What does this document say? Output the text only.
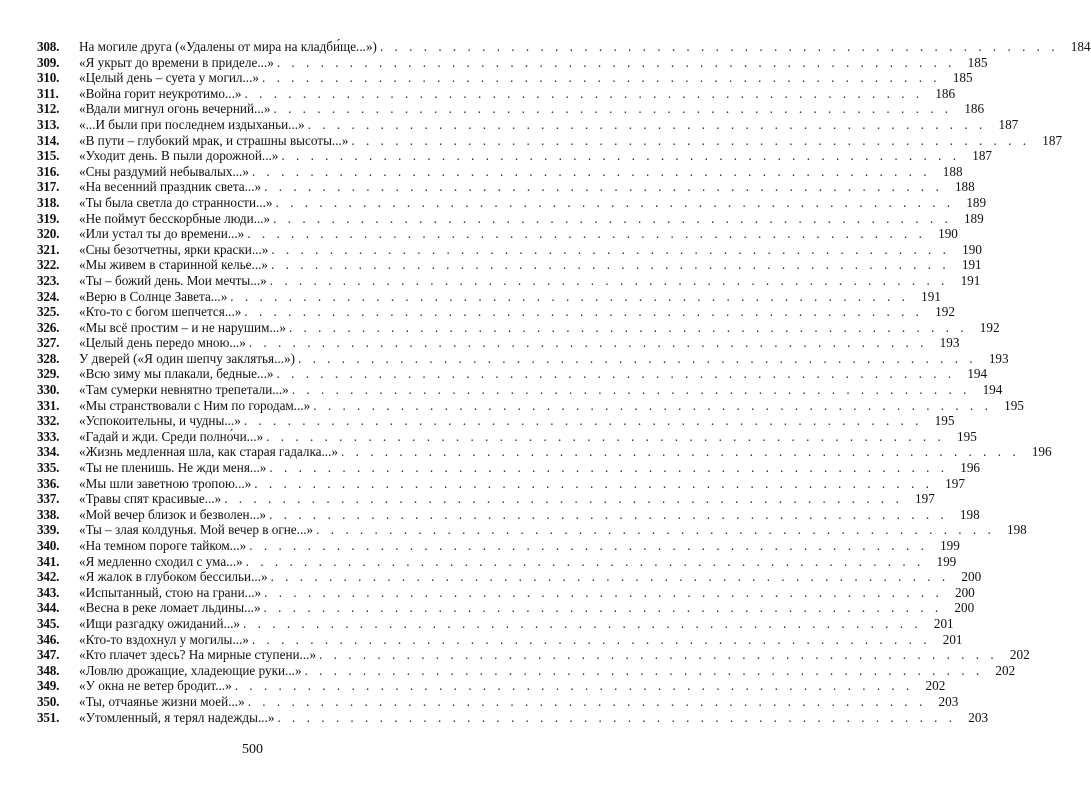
308.	На могиле друга («Удалены от мира на кладби́ще...») . . .	184
309.	«Я укрыт до времени в приделе...» . . .	185
310.	«Целый день – суета у могил...» . . .	185
311.	«Война горит неукротимо...» . . .	186
312.	«Вдали мигнул огонь вечерний...» . . .	186
313.	«...И были при последнем издыханьи...» . . .	187
314.	«В пути – глубокий мрак, и страшны высоты...» . . .	187
315.	«Уходит день. В пыли дорожной...» . . .	187
316.	«Сны раздумий небывалых...» . . .	188
317.	«На весенний праздник света...» . . .	188
318.	«Ты была светла до странности...» . . .	189
319.	«Не поймут бесскорбные люди...» . . .	189
320.	«Или устал ты до времени...» . . .	190
321.	«Сны безотчетны, ярки краски...» . . .	190
322.	«Мы живем в старинной келье...» . . .	191
323.	«Ты – божий день. Мои мечты...» . . .	191
324.	«Верю в Солнце Завета...» . . .	191
325.	«Кто-то с богом шепчется...» . . .	192
326.	«Мы всё простим – и не нарушим...» . . .	192
327.	«Целый день передо мною...» . . .	193
328.	У дверей («Я один шепчу заклятья...») . . .	193
329.	«Всю зиму мы плакали, бедные...» . . .	194
330.	«Там сумерки невнятно трепетали...» . . .	194
331.	«Мы странствовали с Ним по городам...» . . .	195
332.	«Успокоительны, и чудны...» . . .	195
333.	«Гадай и жди. Среди полно́чи...» . . .	195
334.	«Жизнь медленная шла, как старая гадалка...» . . .	196
335.	«Ты не пленишь. Не жди меня...» . . .	196
336.	«Мы шли заветною тропою...» . . .	197
337.	«Травы спят красивые...» . . .	197
338.	«Мой вечер близок и безволен...» . . .	198
339.	«Ты – злая колдунья. Мой вечер в огне...» . . .	198
340.	«На темном пороге тайком...» . . .	199
341.	«Я медленно сходил с ума...» . . .	199
342.	«Я жалок в глубоком бессильи...» . . .	200
343.	«Испытанный, стою на грани...» . . .	200
344.	«Весна в реке ломает льдины...» . . .	200
345.	«Ищи разгадку ожиданий...» . . .	201
346.	«Кто-то вздохнул у могилы...» . . .	201
347.	«Кто плачет здесь? На мирные ступени...» . . .	202
348.	«Ловлю дрожащие, хладеющие руки...» . . .	202
349.	«У окна не ветер бродит...» . . .	202
350.	«Ты, отчаянье жизни моей...» . . .	203
351.	«Утомленный, я терял надежды...» . . .	203
500
